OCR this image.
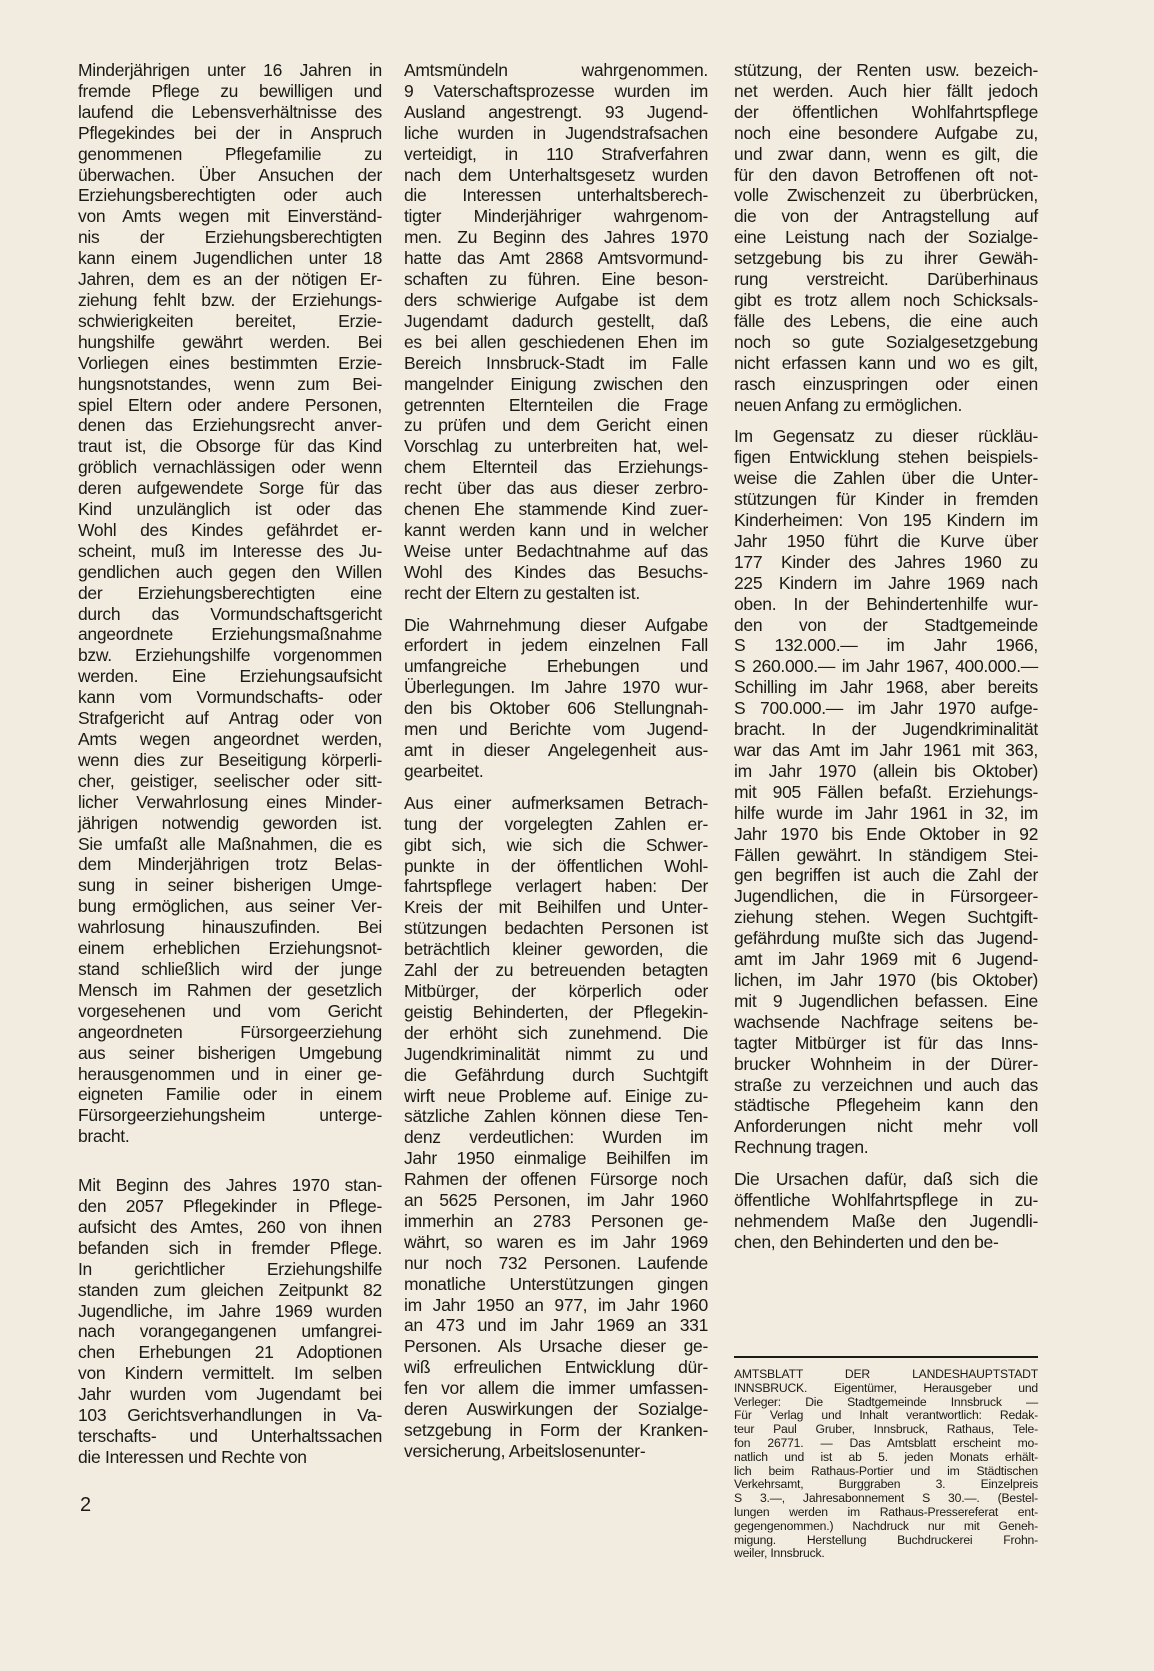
Minderjährigen unter 16 Jahren in
fremde Pflege zu bewilligen und
laufend die Lebensverhältnisse des
Pflegekindes bei der in Anspruch
genommenen Pflegefamilie zu
überwachen. Über Ansuchen der
Erziehungsberechtigten oder auch
von Amts wegen mit Einverständ-
nis der Erziehungsberechtigten
kann einem Jugendlichen unter 18
Jahren, dem es an der nötigen Er-
ziehung fehlt bzw. der Erziehungs-
schwierigkeiten bereitet, Erzie-
hungshilfe gewährt werden. Bei
Vorliegen eines bestimmten Erzie-
hungsnotstandes, wenn zum Bei-
spiel Eltern oder andere Personen,
denen das Erziehungsrecht anver-
traut ist, die Obsorge für das Kind
gröblich vernachlässigen oder wenn
deren aufgewendete Sorge für das
Kind unzulänglich ist oder das
Wohl des Kindes gefährdet er-
scheint, muß im Interesse des Ju-
gendlichen auch gegen den Willen
der Erziehungsberechtigten eine
durch das Vormundschaftsgericht
angeordnete Erziehungsmaßnahme
bzw. Erziehungshilfe vorgenommen
werden. Eine Erziehungsaufsicht
kann vom Vormundschafts- oder
Strafgericht auf Antrag oder von
Amts wegen angeordnet werden,
wenn dies zur Beseitigung körperli-
cher, geistiger, seelischer oder sitt-
licher Verwahrlosung eines Minder-
jährigen notwendig geworden ist.
Sie umfaßt alle Maßnahmen, die es
dem Minderjährigen trotz Belas-
sung in seiner bisherigen Umge-
bung ermöglichen, aus seiner Ver-
wahrlosung hinauszufinden. Bei
einem erheblichen Erziehungsnot-
stand schließlich wird der junge
Mensch im Rahmen der gesetzlich
vorgesehenen und vom Gericht
angeordneten Fürsorgeerziehung
aus seiner bisherigen Umgebung
herausgenommen und in einer ge-
eigneten Familie oder in einem
Fürsorgeerziehungsheim unterge-
bracht.
Mit Beginn des Jahres 1970 stan-
den 2057 Pflegekinder in Pflege-
aufsicht des Amtes, 260 von ihnen
befanden sich in fremder Pflege.
In gerichtlicher Erziehungshilfe
standen zum gleichen Zeitpunkt 82
Jugendliche, im Jahre 1969 wurden
nach vorangegangenen umfangrei-
chen Erhebungen 21 Adoptionen
von Kindern vermittelt. Im selben
Jahr wurden vom Jugendamt bei
103 Gerichtsverhandlungen in Va-
terschafts- und Unterhaltssachen
die Interessen und Rechte von
Amtsmündeln wahrgenommen.
9 Vaterschaftsprozesse wurden im
Ausland angestrengt. 93 Jugend-
liche wurden in Jugendstrafsachen
verteidigt, in 110 Strafverfahren
nach dem Unterhaltsgesetz wurden
die Interessen unterhaltsberech-
tigter Minderjähriger wahrgenom-
men. Zu Beginn des Jahres 1970
hatte das Amt 2868 Amtsvormund-
schaften zu führen. Eine beson-
ders schwierige Aufgabe ist dem
Jugendamt dadurch gestellt, daß
es bei allen geschiedenen Ehen im
Bereich Innsbruck-Stadt im Falle
mangelnder Einigung zwischen den
getrennten Elternteilen die Frage
zu prüfen und dem Gericht einen
Vorschlag zu unterbreiten hat, wel-
chem Elternteil das Erziehungs-
recht über das aus dieser zerbro-
chenen Ehe stammende Kind zuer-
kannt werden kann und in welcher
Weise unter Bedachtnahme auf das
Wohl des Kindes das Besuchs-
recht der Eltern zu gestalten ist.
Die Wahrnehmung dieser Aufgabe
erfordert in jedem einzelnen Fall
umfangreiche Erhebungen und
Überlegungen. Im Jahre 1970 wur-
den bis Oktober 606 Stellungnah-
men und Berichte vom Jugend-
amt in dieser Angelegenheit aus-
gearbeitet.
Aus einer aufmerksamen Betrach-
tung der vorgelegten Zahlen er-
gibt sich, wie sich die Schwer-
punkte in der öffentlichen Wohl-
fahrtspflege verlagert haben: Der
Kreis der mit Beihilfen und Unter-
stützungen bedachten Personen ist
beträchtlich kleiner geworden, die
Zahl der zu betreuenden betagten
Mitbürger, der körperlich oder
geistig Behinderten, der Pflegekin-
der erhöht sich zunehmend. Die
Jugendkriminalität nimmt zu und
die Gefährdung durch Suchtgift
wirft neue Probleme auf. Einige zu-
sätzliche Zahlen können diese Ten-
denz verdeutlichen: Wurden im
Jahr 1950 einmalige Beihilfen im
Rahmen der offenen Fürsorge noch
an 5625 Personen, im Jahr 1960
immerhin an 2783 Personen ge-
währt, so waren es im Jahr 1969
nur noch 732 Personen. Laufende
monatliche Unterstützungen gingen
im Jahr 1950 an 977, im Jahr 1960
an 473 und im Jahr 1969 an 331
Personen. Als Ursache dieser ge-
wiß erfreulichen Entwicklung dür-
fen vor allem die immer umfassen-
deren Auswirkungen der Sozialge-
setzgebung in Form der Kranken-
versicherung, Arbeitslosenunter-
stützung, der Renten usw. bezeich-
net werden. Auch hier fällt jedoch
der öffentlichen Wohlfahrtspflege
noch eine besondere Aufgabe zu,
und zwar dann, wenn es gilt, die
für den davon Betroffenen oft not-
volle Zwischenzeit zu überbrücken,
die von der Antragstellung auf
eine Leistung nach der Sozialge-
setzgebung bis zu ihrer Gewäh-
rung verstreicht. Darüberhinaus
gibt es trotz allem noch Schicksals-
fälle des Lebens, die eine auch
noch so gute Sozialgesetzgebung
nicht erfassen kann und wo es gilt,
rasch einzuspringen oder einen
neuen Anfang zu ermöglichen.
Im Gegensatz zu dieser rückläu-
figen Entwicklung stehen beispiels-
weise die Zahlen über die Unter-
stützungen für Kinder in fremden
Kinderheimen: Von 195 Kindern im
Jahr 1950 führt die Kurve über
177 Kinder des Jahres 1960 zu
225 Kindern im Jahre 1969 nach
oben. In der Behindertenhilfe wur-
den von der Stadtgemeinde
S 132.000.— im Jahr 1966,
S 260.000.— im Jahr 1967, 400.000.—
Schilling im Jahr 1968, aber bereits
S 700.000.— im Jahr 1970 aufge-
bracht. In der Jugendkriminalität
war das Amt im Jahr 1961 mit 363,
im Jahr 1970 (allein bis Oktober)
mit 905 Fällen befaßt. Erziehungs-
hilfe wurde im Jahr 1961 in 32, im
Jahr 1970 bis Ende Oktober in 92
Fällen gewährt. In ständigem Stei-
gen begriffen ist auch die Zahl der
Jugendlichen, die in Fürsorgeer-
ziehung stehen. Wegen Suchtgift-
gefährdung mußte sich das Jugend-
amt im Jahr 1969 mit 6 Jugend-
lichen, im Jahr 1970 (bis Oktober)
mit 9 Jugendlichen befassen. Eine
wachsende Nachfrage seitens be-
tagter Mitbürger ist für das Inns-
brucker Wohnheim in der Dürer-
straße zu verzeichnen und auch das
städtische Pflegeheim kann den
Anforderungen nicht mehr voll
Rechnung tragen.
Die Ursachen dafür, daß sich die
öffentliche Wohlfahrtspflege in zu-
nehmendem Maße den Jugendli-
chen, den Behinderten und den be-
AMTSBLATT DER LANDESHAUPTSTADT
INNSBRUCK. Eigentümer, Herausgeber und
Verleger: Die Stadtgemeinde Innsbruck —
Für Verlag und Inhalt verantwortlich: Redak-
teur Paul Gruber, Innsbruck, Rathaus, Tele-
fon 26771. — Das Amtsblatt erscheint mo-
natlich und ist ab 5. jeden Monats erhält-
lich beim Rathaus-Portier und im Städtischen
Verkehrsamt, Burggraben 3. Einzelpreis
S 3.—, Jahresabonnement S 30.—. (Bestel-
lungen werden im Rathaus-Pressereferat ent-
gegengenommen.) Nachdruck nur mit Geneh-
migung. Herstellung Buchdruckerei Frohn-
weiler, Innsbruck.
2
